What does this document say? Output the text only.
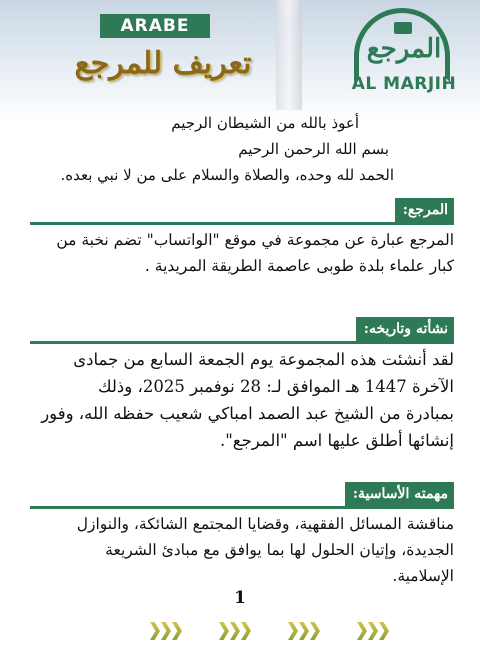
ARABE
تعريف للمرجع	المرجع
AL MARJIH
أعوذ بالله من الشيطان الرجيم
بسم الله الرحمن الرحيم
الحمد لله وحده، والصلاة والسلام على من لا نبي بعده.
المرجع:
المرجع عبارة عن مجموعة في موقع "الواتساب" تضم نخبة من
كبار علماء بلدة طوبى عاصمة الطريقة المريدية .
نشأته وتاريخه:
لقد أنشئت هذه المجموعة يوم الجمعة السابع من جمادى
الآخرة 1447 هـ الموافق لـ: 28 نوفمبر 2025، وذلك
بمبادرة من الشيخ عبد الصمد امباكي شعيب حفظه الله، وفور
إنشائها أطلق عليها اسم "المرجع".
مهمته الأساسية:
مناقشة المسائل الفقهية، وقضايا المجتمع الشائكة، والنوازل
الجديدة، وإتيان الحلول لها بما يوافق مع مبادئ الشريعة
الإسلامية.
1
